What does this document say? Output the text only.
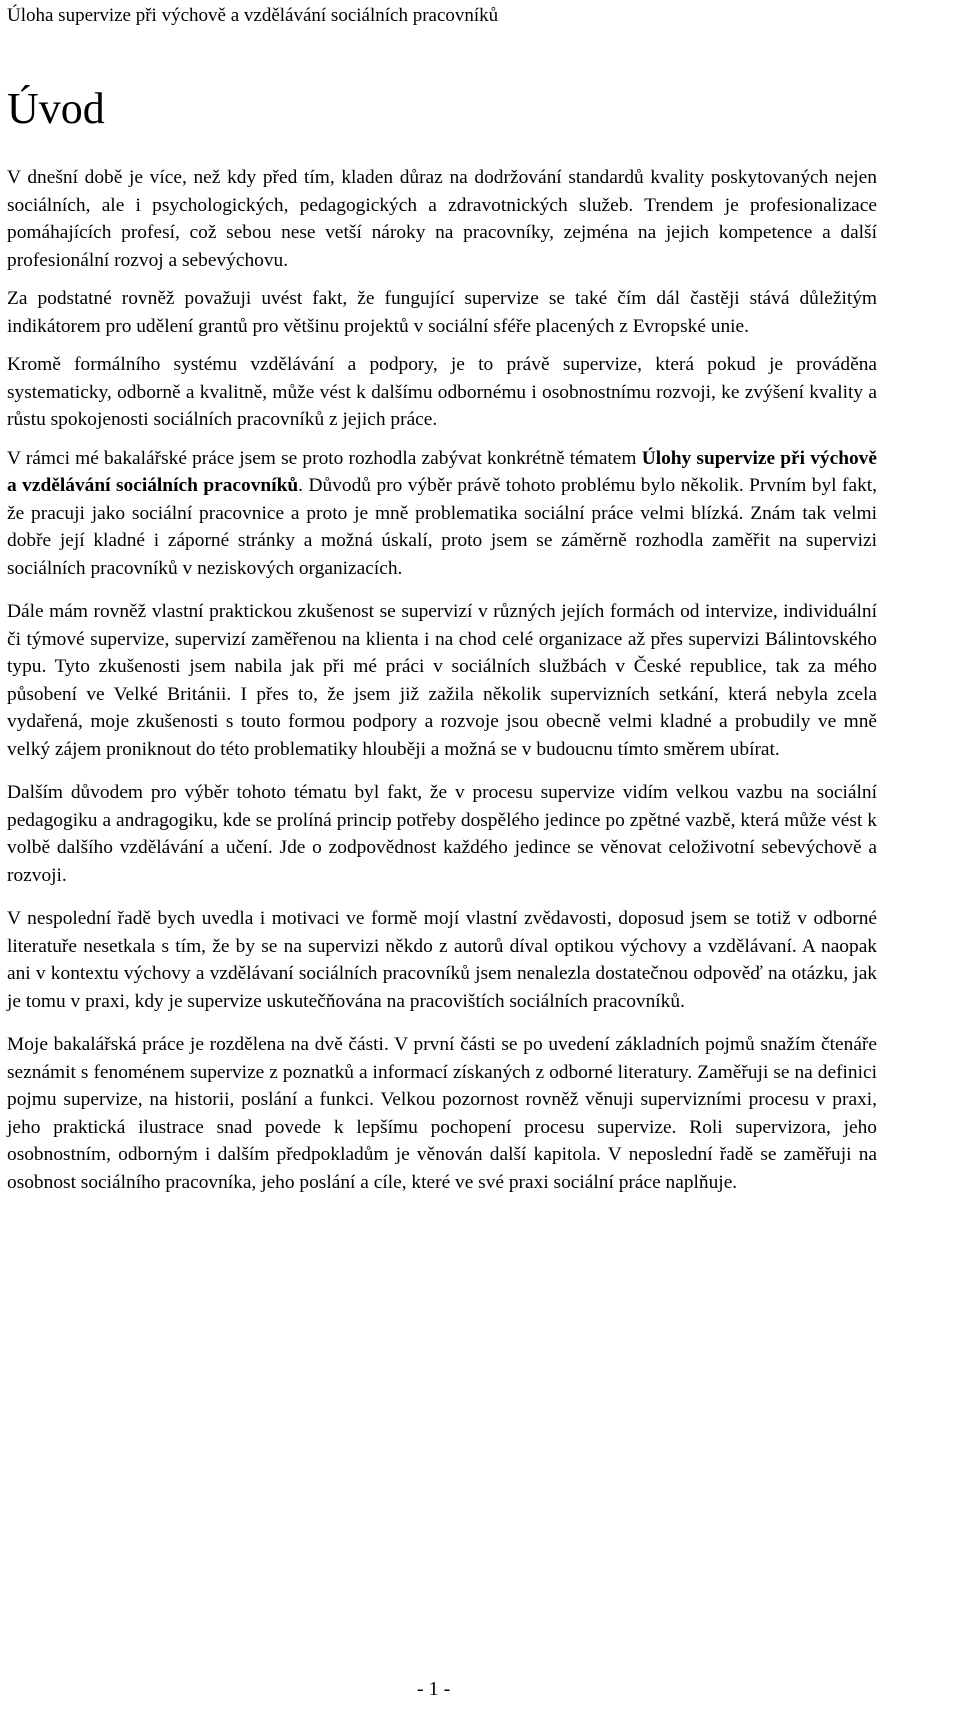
Úloha supervize při výchově a vzdělávání sociálních pracovníků
Úvod

V dnešní době je více, než kdy před tím, kladen důraz na dodržování standardů kvality poskytovaných nejen sociálních, ale i psychologických, pedagogických a zdravotnických služeb. Trendem je profesionalizace pomáhajících profesí, což sebou nese vetší nároky na pracovníky, zejména na jejich kompetence a další profesionální rozvoj a sebevýchovu.

Za podstatné rovněž považuji uvést fakt, že fungující supervize se také čím dál častěji stává důležitým indikátorem pro udělení grantů pro většinu projektů v sociální sféře placených z Evropské unie.

Kromě formálního systému vzdělávání a podpory, je to právě supervize, která pokud je prováděna systematicky, odborně a kvalitně, může vést k dalšímu odbornému i osobnostnímu rozvoji, ke zvýšení kvality a růstu spokojenosti sociálních pracovníků z jejich práce.

V rámci mé bakalářské práce jsem se proto rozhodla zabývat konkrétně tématem Úlohy supervize při výchově a vzdělávání sociálních pracovníků. Důvodů pro výběr právě tohoto problému bylo několik. Prvním byl fakt, že pracuji jako sociální pracovnice a proto je mně problematika sociální práce velmi blízká. Znám tak velmi dobře její kladné i záporné stránky a možná úskalí, proto jsem se záměrně rozhodla zaměřit na supervizi sociálních pracovníků v neziskových organizacích.

Dále mám rovněž vlastní praktickou zkušenost se supervizí v různých jejích formách od intervize, individuální či týmové supervize, supervizí zaměřenou na klienta i na chod celé organizace až přes supervizi Bálintovského typu. Tyto zkušenosti jsem nabila jak při mé práci v sociálních službách v České republice, tak za mého působení ve Velké Británii. I přes to, že jsem již zažila několik supervizních setkání, která nebyla zcela vydařená, moje zkušenosti s touto formou podpory a rozvoje jsou obecně velmi kladné a probudily ve mně velký zájem proniknout do této problematiky hlouběji a možná se v budoucnu tímto směrem ubírat.

Dalším důvodem pro výběr tohoto tématu byl fakt, že v procesu supervize vidím velkou vazbu na sociální pedagogiku a andragogiku, kde se prolíná princip potřeby dospělého jedince po zpětné vazbě, která může vést k volbě dalšího vzdělávání a učení. Jde o zodpovědnost každého jedince se věnovat celoživotní sebevýchově a rozvoji.

V nespolední řadě bych uvedla i motivaci ve formě mojí vlastní zvědavosti, doposud jsem se totiž v odborné literatuře nesetkala s tím, že by se na supervizi někdo z autorů díval optikou výchovy a vzdělávaní. A naopak ani v kontextu výchovy a vzdělávaní sociálních pracovníků jsem nenalezla dostatečnou odpověď na otázku, jak je tomu v praxi, kdy je supervize uskutečňována na pracovištích sociálních pracovníků.

Moje bakalářská práce je rozdělena na dvě části. V první části se po uvedení základních pojmů snažím čtenáře seznámit s fenoménem supervize z poznatků a informací získaných z odborné literatury. Zaměřuji se na definici pojmu supervize, na historii, poslání a funkci. Velkou pozornost rovněž věnuji supervizními procesu v praxi, jeho praktická ilustrace snad povede k lepšímu pochopení procesu supervize. Roli supervizora, jeho osobnostním, odborným i dalším předpokladům je věnován další kapitola. V neposlední řadě se zaměřuji na osobnost sociálního pracovníka, jeho poslání a cíle, které ve své praxi sociální práce naplňuje.

- 1 -
